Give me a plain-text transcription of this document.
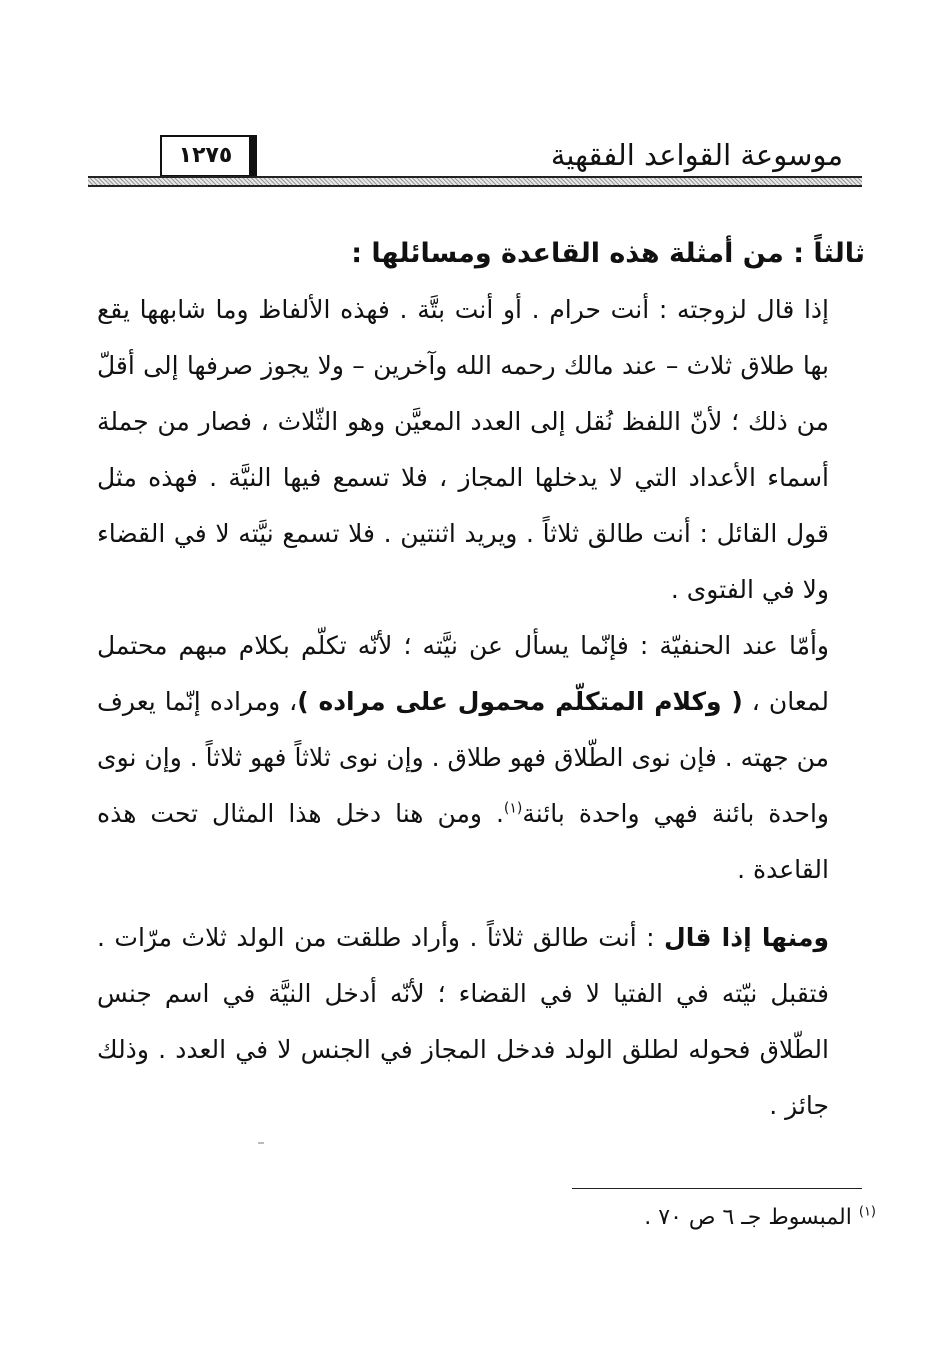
موسوعة القواعد الفقهية
١٢٧٥

ثالثاً : من أمثلة هذه القاعدة ومسائلها :

إذا قال لزوجته : أنت حرام . أو أنت بتَّة . فهذه الألفاظ وما شابهها يقع بها طلاق ثلاث – عند مالك رحمه الله وآخرين – ولا يجوز صرفها إلى أقلّ من ذلك ؛ لأنّ اللفظ نُقل إلى العدد المعيَّن وهو الثّلاث ، فصار من جملة أسماء الأعداد التي لا يدخلها المجاز ، فلا تسمع فيها النيَّة . فهذه مثل قول القائل : أنت طالق ثلاثاً . ويريد اثنتين . فلا تسمع نيَّته لا في القضاء ولا في الفتوى .

وأمّا عند الحنفيّة : فإنّما يسأل عن نيَّته ؛ لأنّه تكلّم بكلام مبهم محتمل لمعان ، ( وكلام المتكلّم محمول على مراده )، ومراده إنّما يعرف من جهته . فإن نوى الطّلاق فهو طلاق . وإن نوى ثلاثاً فهو ثلاثاً . وإن نوى واحدة بائنة فهي واحدة بائنة$^{(١)}$. ومن هنا دخل هذا المثال تحت هذه القاعدة .

ومنها إذا قال : أنت طالق ثلاثاً . وأراد طلقت من الولد ثلاث مرّات . فتقبل نيّته في الفتيا لا في القضاء ؛ لأنّه أدخل النيَّة في اسم جنس الطّلاق فحوله لطلق الولد فدخل المجاز في الجنس لا في العدد . وذلك جائز .

$^{(١)}$ المبسوط جـ ٦ ص ٧٠ .
